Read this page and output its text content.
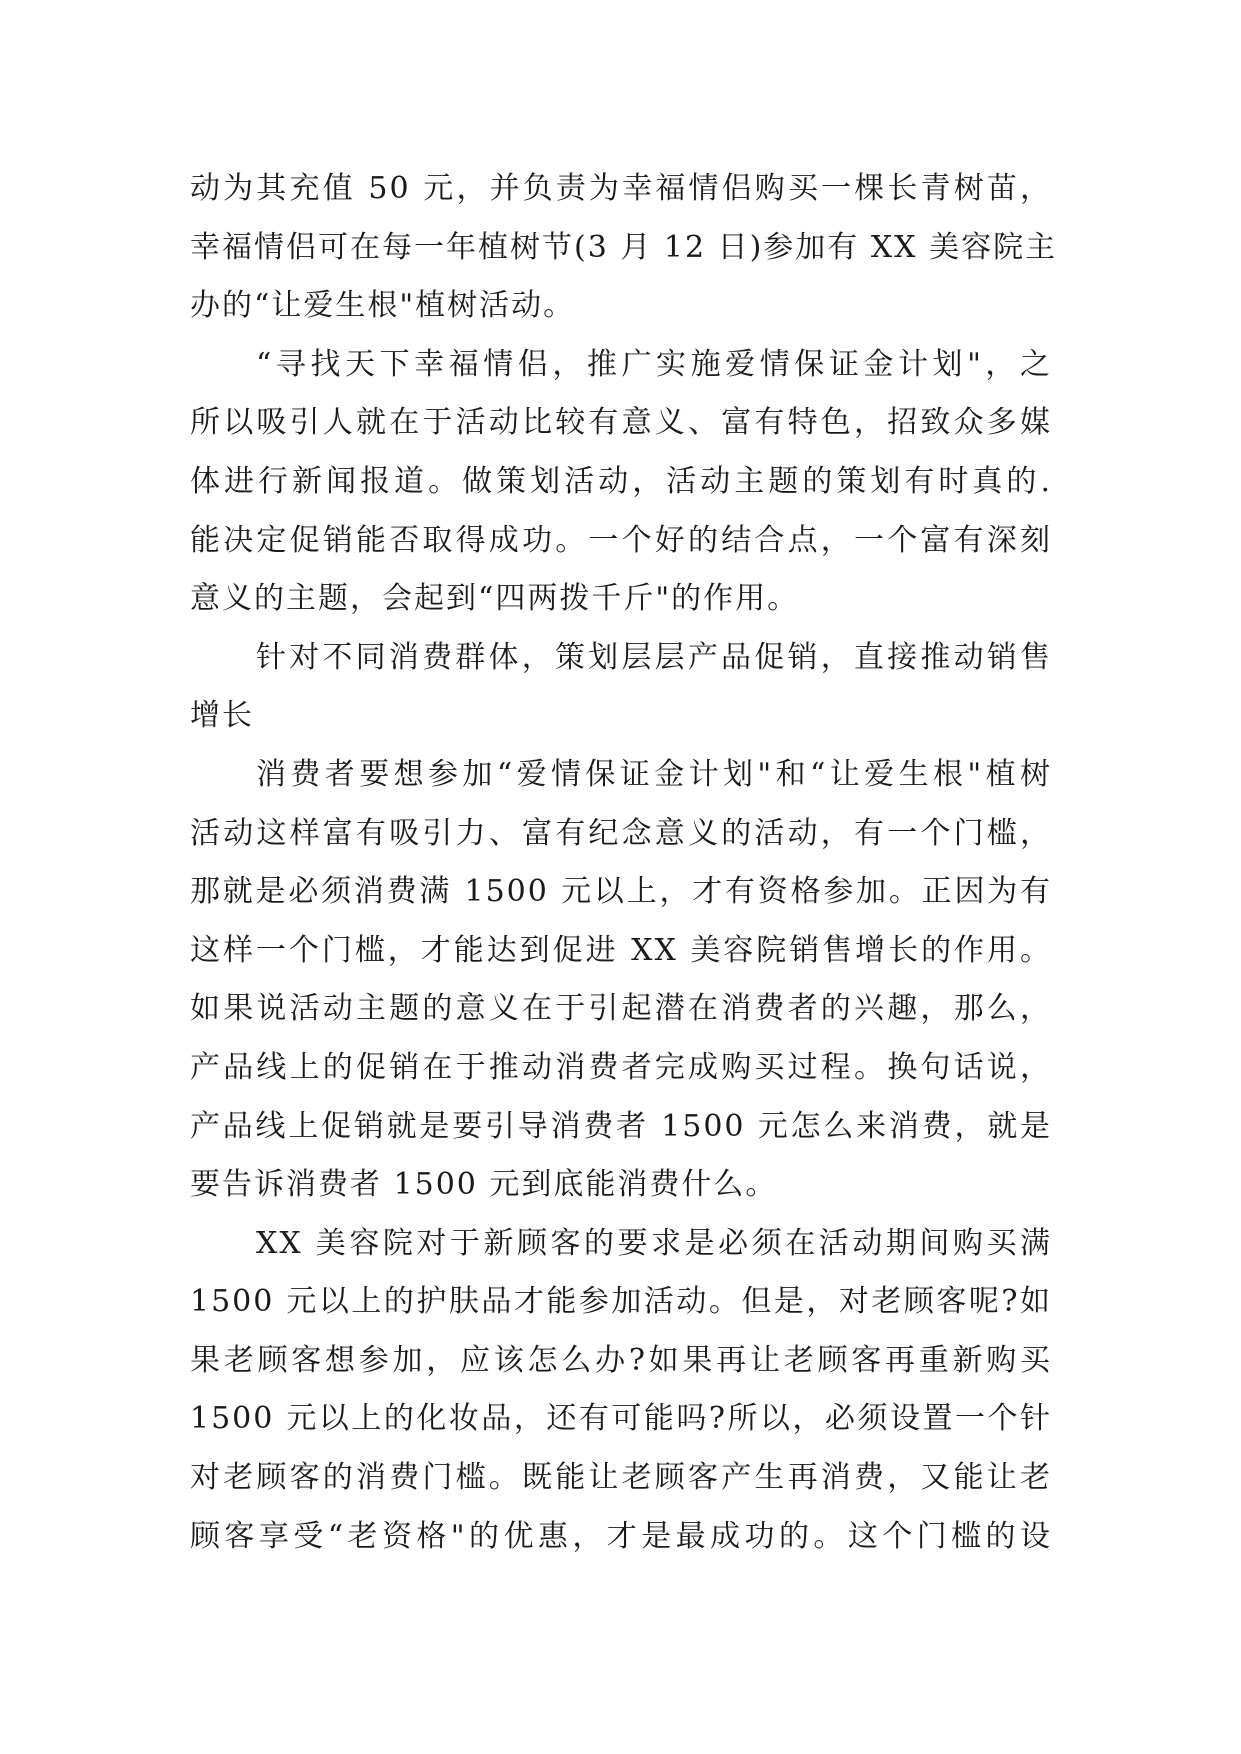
动为其充值 50 元，并负责为幸福情侣购买一棵长青树苗，
幸福情侣可在每一年植树节(3 月 12 日)参加有 XX 美容院主
办的“让爱生根"植树活动。
“寻找天下幸福情侣，推广实施爱情保证金计划"，之
所以吸引人就在于活动比较有意义、富有特色，招致众多媒
体进行新闻报道。做策划活动，活动主题的策划有时真的.
能决定促销能否取得成功。一个好的结合点，一个富有深刻
意义的主题，会起到“四两拨千斤"的作用。
针对不同消费群体，策划层层产品促销，直接推动销售
增长
消费者要想参加“爱情保证金计划"和“让爱生根"植树
活动这样富有吸引力、富有纪念意义的活动，有一个门槛，
那就是必须消费满 1500 元以上，才有资格参加。正因为有
这样一个门槛，才能达到促进 XX 美容院销售增长的作用。
如果说活动主题的意义在于引起潜在消费者的兴趣，那么，
产品线上的促销在于推动消费者完成购买过程。换句话说，
产品线上促销就是要引导消费者 1500 元怎么来消费，就是
要告诉消费者 1500 元到底能消费什么。
XX 美容院对于新顾客的要求是必须在活动期间购买满
1500 元以上的护肤品才能参加活动。但是，对老顾客呢?如
果老顾客想参加，应该怎么办?如果再让老顾客再重新购买
1500 元以上的化妆品，还有可能吗?所以，必须设置一个针
对老顾客的消费门槛。既能让老顾客产生再消费，又能让老
顾客享受“老资格"的优惠，才是最成功的。这个门槛的设
